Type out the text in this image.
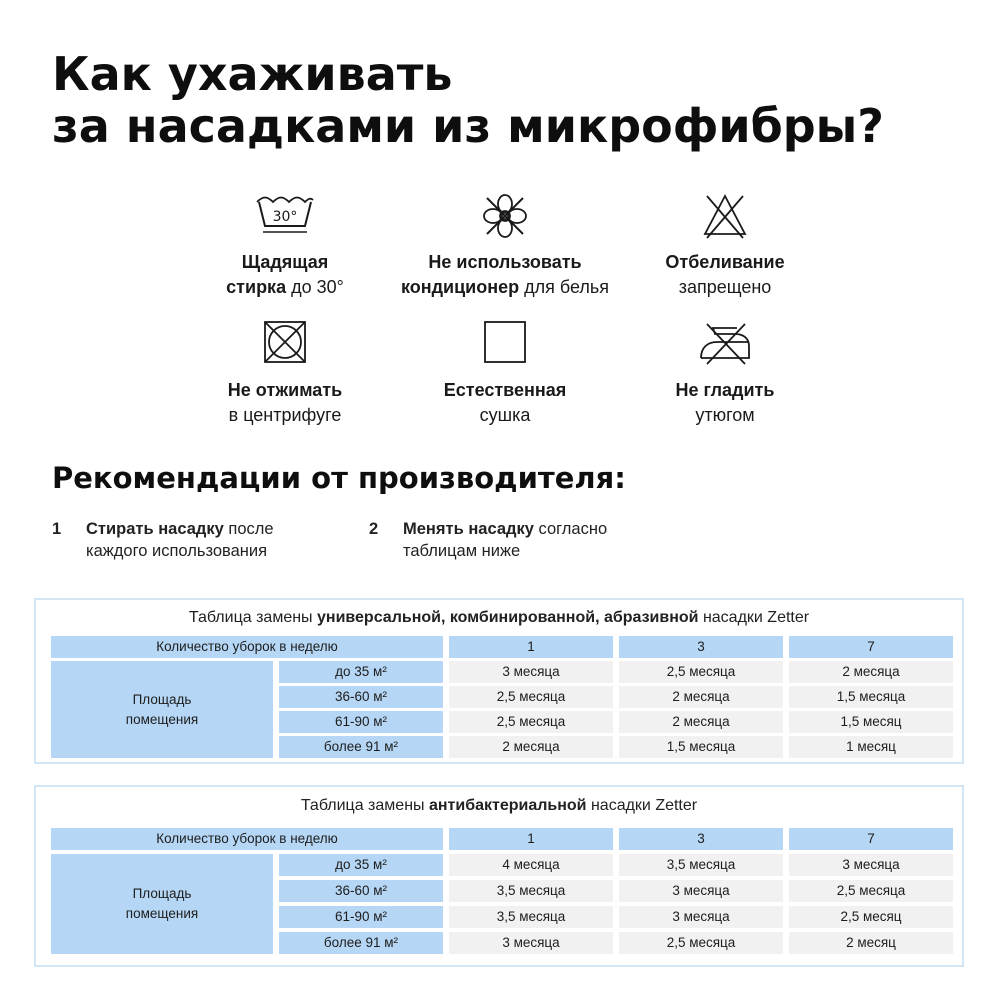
Как ухаживать
за насадками из микрофибры?
30°
Щадящая
стирка до 30°
Не использовать
кондиционер для белья
Отбеливание
запрещено
Не отжимать
в центрифуге
Естественная
сушка
Не гладить
утюгом
Рекомендации от производителя:
1	Стирать насадку после
каждого использования
2	Менять насадку согласно
таблицам ниже
Таблица замены универсальной, комбинированной, абразивной насадки Zetter
Количество уборок в неделю	1	3	7
Площадь
помещения
до 35 м²	3 месяца	2,5 месяца	2 месяца
36-60 м²	2,5 месяца	2 месяца	1,5 месяца
61-90 м²	2,5 месяца	2 месяца	1,5 месяц
более 91 м²	2 месяца	1,5 месяца	1 месяц
Таблица замены антибактериальной насадки Zetter
Количество уборок в неделю	1	3	7
Площадь
помещения
до 35 м²	4 месяца	3,5 месяца	3 месяца
36-60 м²	3,5 месяца	3 месяца	2,5 месяца
61-90 м²	3,5 месяца	3 месяца	2,5 месяц
более 91 м²	3 месяца	2,5 месяца	2 месяц
